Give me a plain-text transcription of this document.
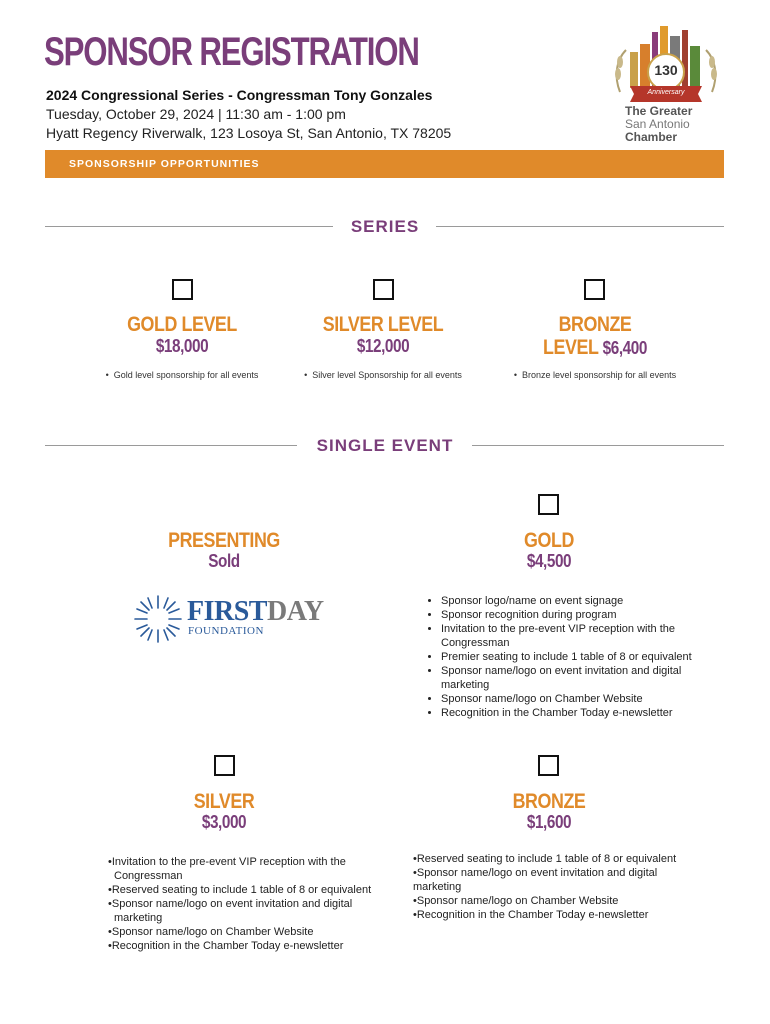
SPONSOR REGISTRATION
2024 Congressional Series - Congressman Tony Gonzales
Tuesday, October 29, 2024 | 11:30 am - 1:00 pm
Hyatt Regency Riverwalk, 123 Losoya St, San Antonio, TX 78205
130
Anniversary
The Greater
San Antonio
Chamber
SPONSORSHIP OPPORTUNITIES
SERIES
GOLD LEVEL
$18,000
•  Gold level sponsorship for all events
SILVER LEVEL
$12,000
•  Silver level Sponsorship for all events
BRONZE
LEVEL $6,400
•  Bronze level sponsorship for all events
SINGLE EVENT
PRESENTING
Sold
FIRSTDAY
FOUNDATION
GOLD
$4,500
• Sponsor logo/name on event signage
• Sponsor recognition during program
• Invitation to the pre-event VIP reception with the Congressman
• Premier seating to include 1 table of 8 or equivalent
• Sponsor name/logo on event invitation and digital marketing
• Sponsor name/logo on Chamber Website
• Recognition in the Chamber Today e-newsletter
SILVER
$3,000
• Invitation to the pre-event VIP reception with the Congressman
• Reserved seating to include 1 table of 8 or equivalent
• Sponsor name/logo on event invitation and digital marketing
• Sponsor name/logo on Chamber Website
• Recognition in the Chamber Today e-newsletter
BRONZE
$1,600
•Reserved seating to include 1 table of 8 or equivalent
•Sponsor name/logo on event invitation and digital marketing
•Sponsor name/logo on Chamber Website
•Recognition in the Chamber Today e-newsletter
